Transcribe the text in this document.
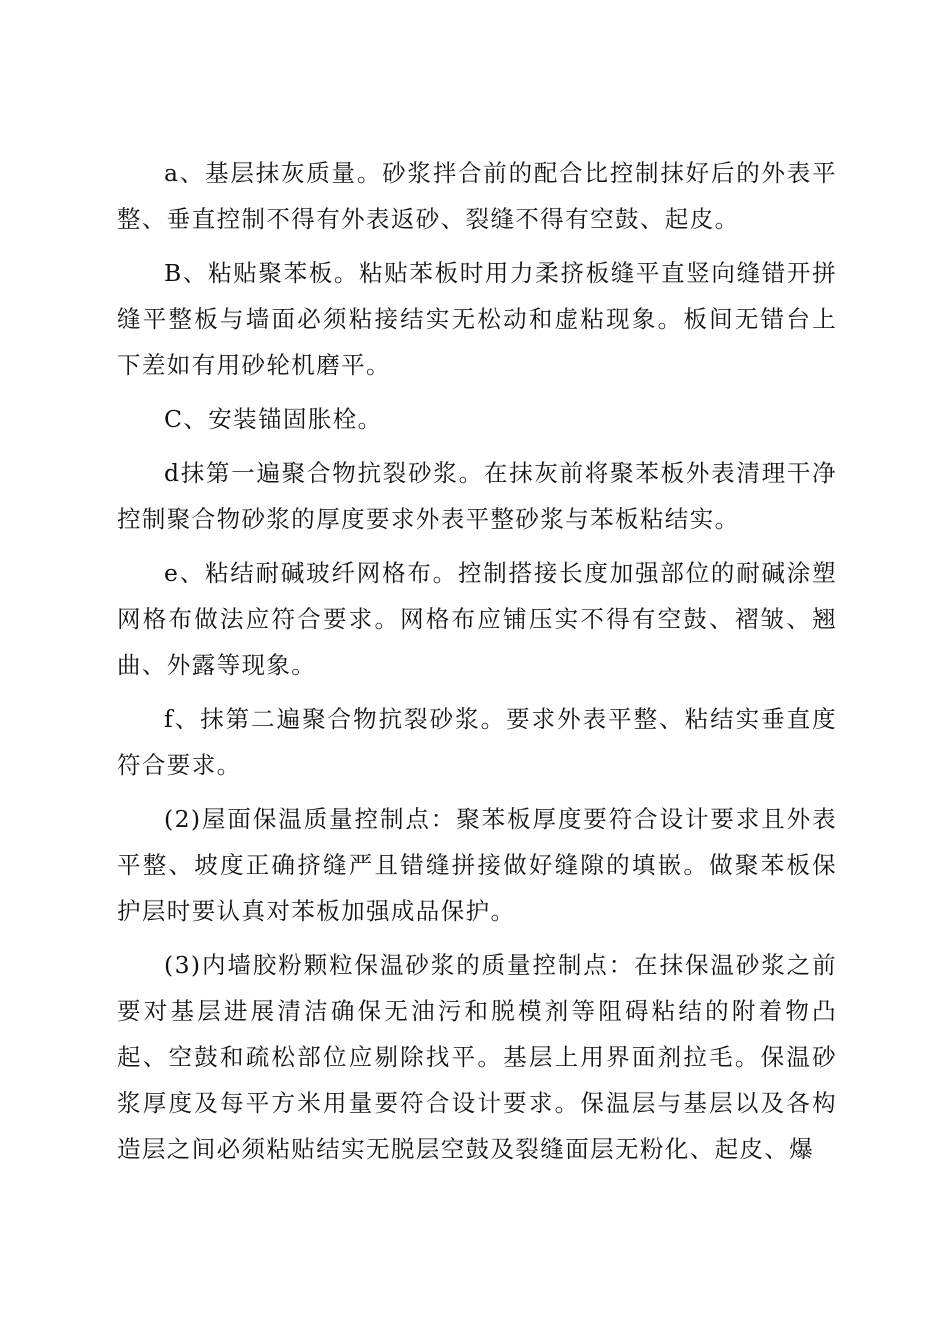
a、基层抹灰质量。砂浆拌合前的配合比控制抹好后的外表平整、垂直控制不得有外表返砂、裂缝不得有空鼓、起皮。

B、粘贴聚苯板。粘贴苯板时用力柔挤板缝平直竖向缝错开拼缝平整板与墙面必须粘接结实无松动和虚粘现象。板间无错台上下差如有用砂轮机磨平。

C、安装锚固胀栓。

d抹第一遍聚合物抗裂砂浆。在抹灰前将聚苯板外表清理干净控制聚合物砂浆的厚度要求外表平整砂浆与苯板粘结实。

e、粘结耐碱玻纤网格布。控制搭接长度加强部位的耐碱涂塑网格布做法应符合要求。网格布应铺压实不得有空鼓、褶皱、翘曲、外露等现象。

f、抹第二遍聚合物抗裂砂浆。要求外表平整、粘结实垂直度符合要求。

(2)屋面保温质量控制点：聚苯板厚度要符合设计要求且外表平整、坡度正确挤缝严且错缝拼接做好缝隙的填嵌。做聚苯板保护层时要认真对苯板加强成品保护。

(3)内墙胶粉颗粒保温砂浆的质量控制点：在抹保温砂浆之前要对基层进展清洁确保无油污和脱模剂等阻碍粘结的附着物凸起、空鼓和疏松部位应剔除找平。基层上用界面剂拉毛。保温砂浆厚度及每平方米用量要符合设计要求。保温层与基层以及各构造层之间必须粘贴结实无脱层空鼓及裂缝面层无粉化、起皮、爆
